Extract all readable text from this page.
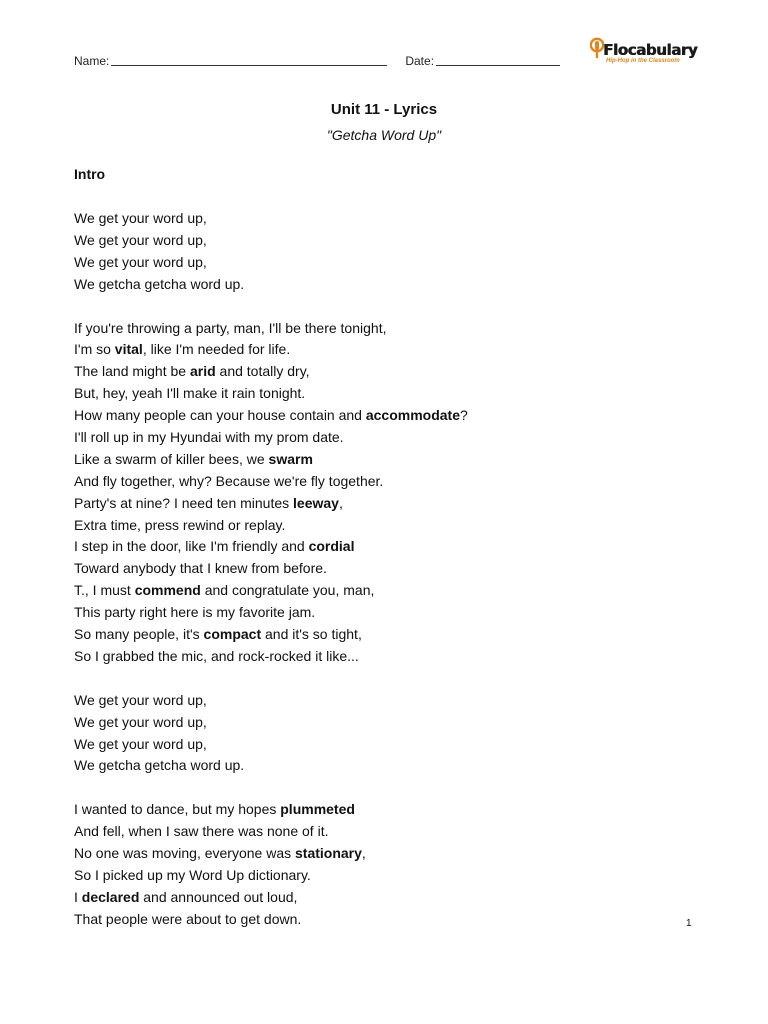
Name:	Date:
Flocabulary
Hip-Hop in the Classroom
Unit 11 - Lyrics
"Getcha Word Up"
Intro
We get your word up,
We get your word up,
We get your word up,
We getcha getcha word up.
If you're throwing a party, man, I'll be there tonight,
I'm so vital, like I'm needed for life.
The land might be arid and totally dry,
But, hey, yeah I'll make it rain tonight.
How many people can your house contain and accommodate?
I'll roll up in my Hyundai with my prom date.
Like a swarm of killer bees, we swarm
And fly together, why? Because we're fly together.
Party's at nine? I need ten minutes leeway,
Extra time, press rewind or replay.
I step in the door, like I'm friendly and cordial
Toward anybody that I knew from before.
T., I must commend and congratulate you, man,
This party right here is my favorite jam.
So many people, it's compact and it's so tight,
So I grabbed the mic, and rock-rocked it like...
We get your word up,
We get your word up,
We get your word up,
We getcha getcha word up.
I wanted to dance, but my hopes plummeted
And fell, when I saw there was none of it.
No one was moving, everyone was stationary,
So I picked up my Word Up dictionary.
I declared and announced out loud,
That people were about to get down.	1
